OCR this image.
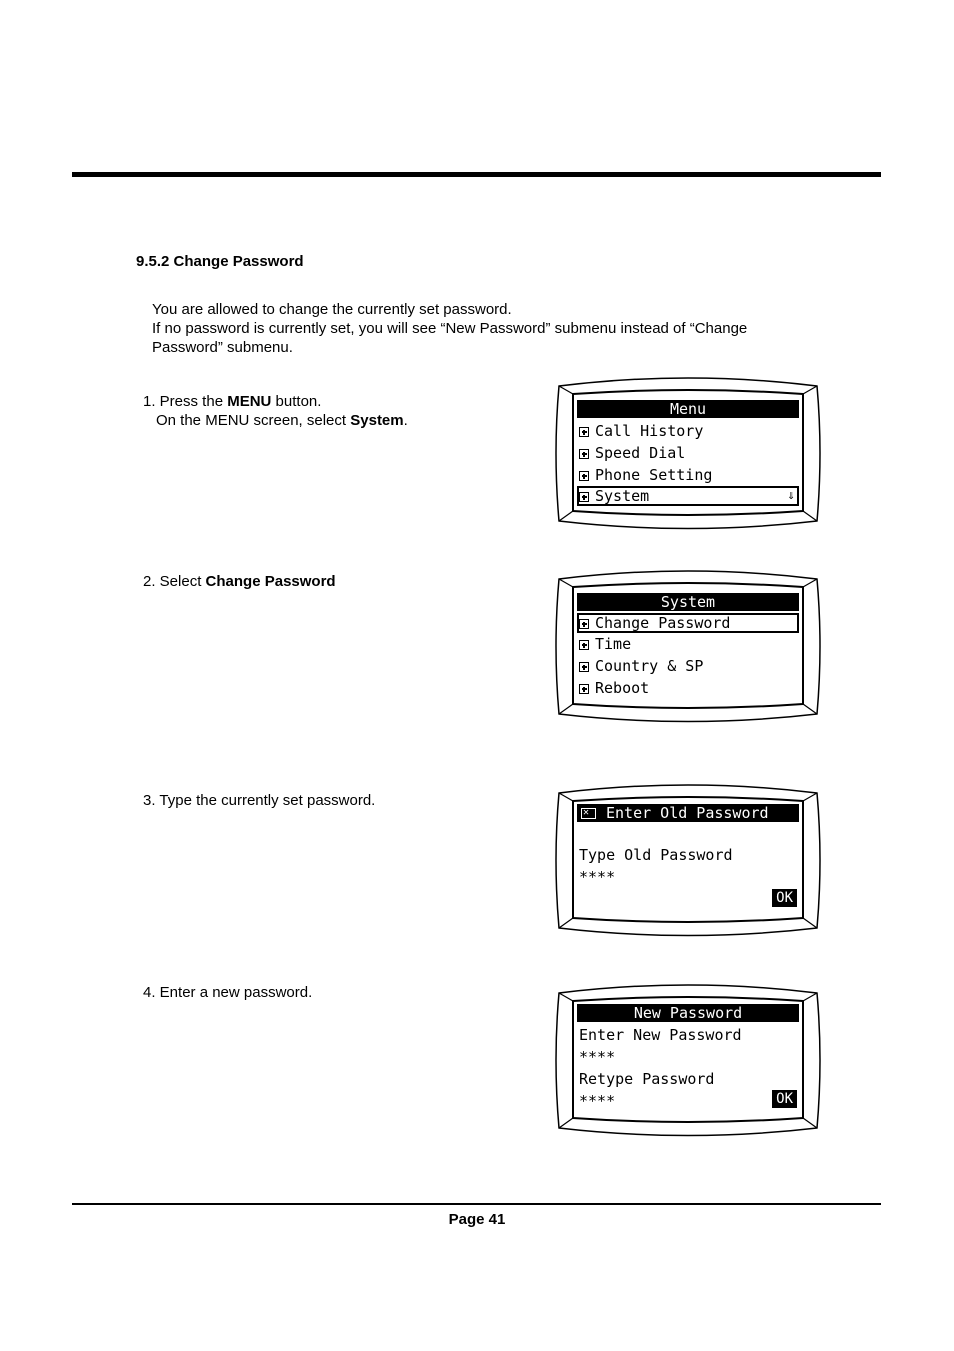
9.5.2 Change Password
You are allowed to change the currently set password.
If no password is currently set, you will see “New Password” submenu instead of “Change
Password” submenu.
1. Press the MENU button.
On the MENU screen, select System.
2. Select Change Password
3. Type the currently set password.
4. Enter a new password.
Menu
Call History
Speed Dial
Phone Setting
System	⇓
System
Change Password
Time
Country & SP
Reboot
✕Enter Old Password
Type Old Password
****
OK
New Password
Enter New Password
****
Retype Password
****	OK
Page 41
